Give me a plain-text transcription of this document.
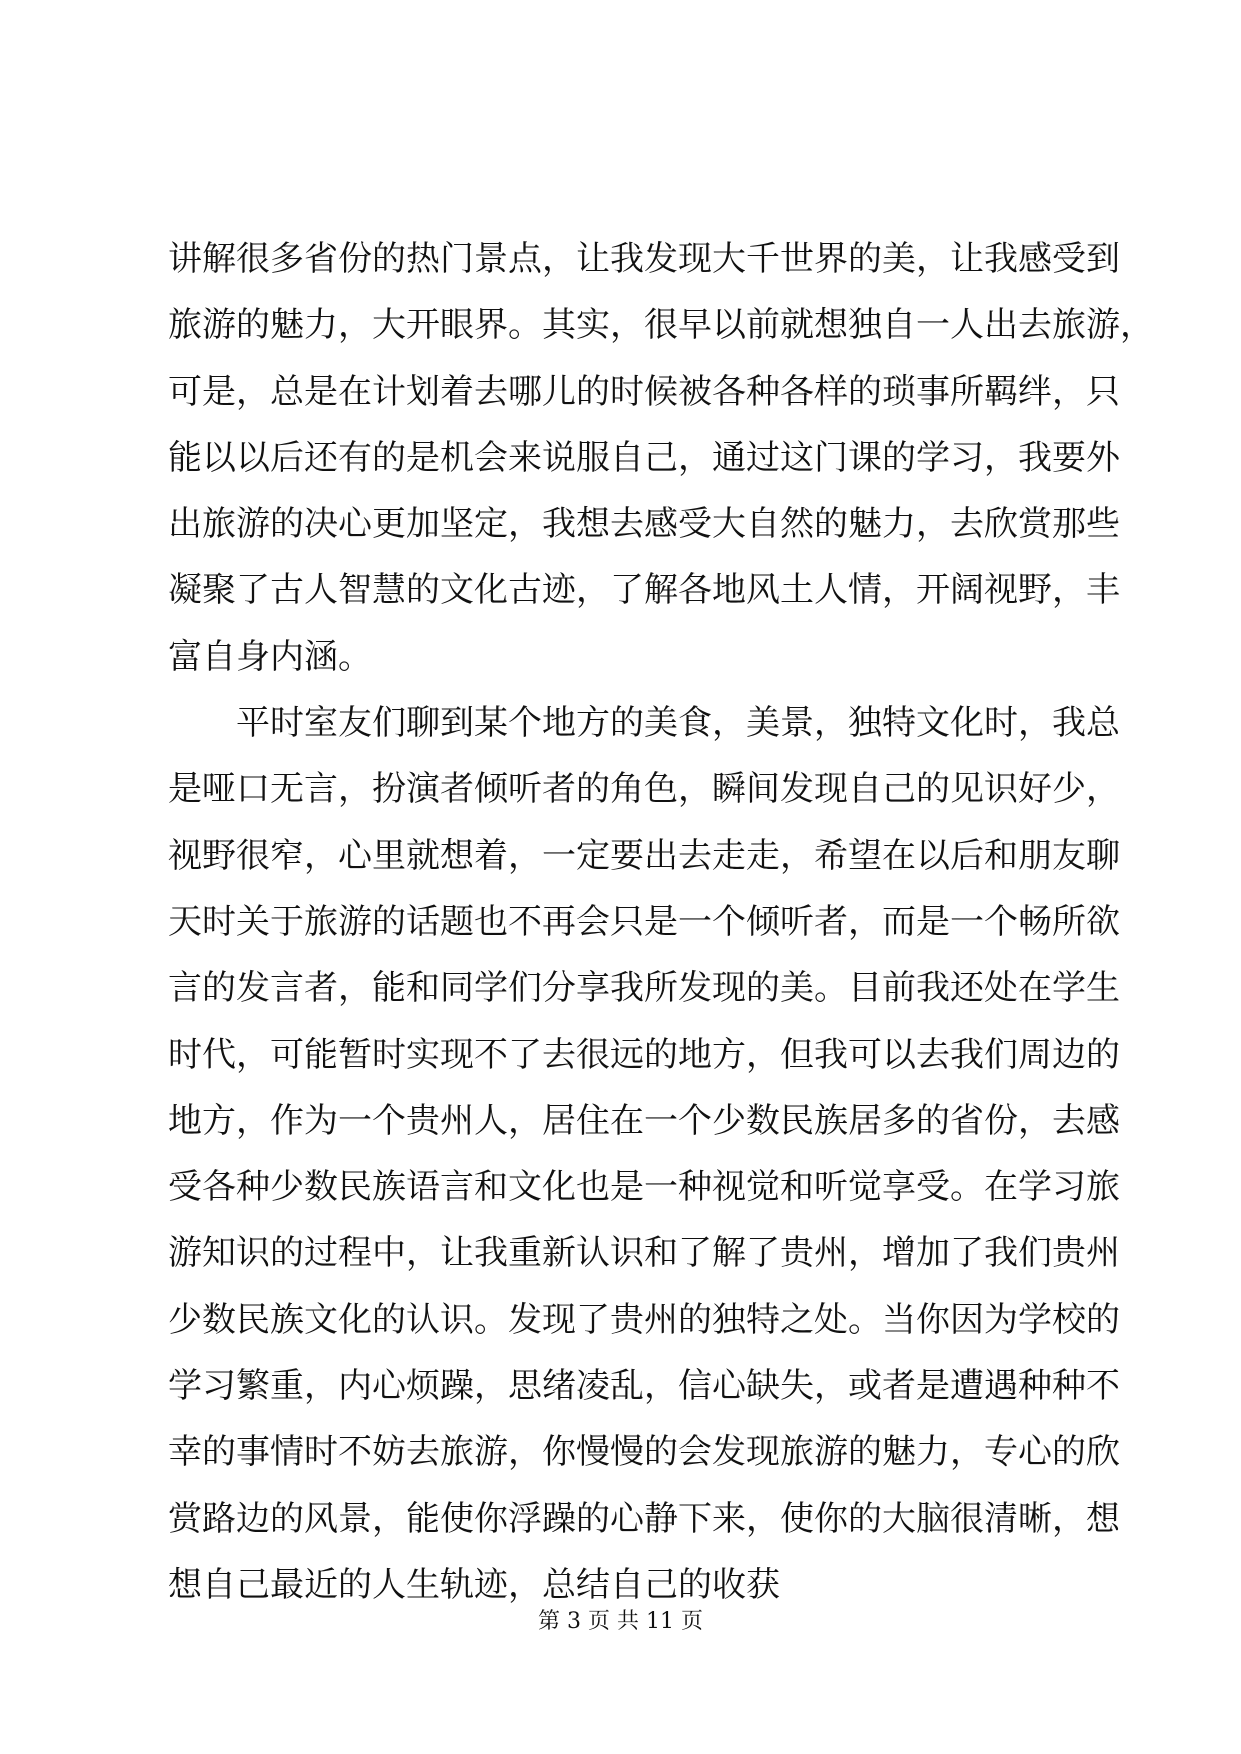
讲解很多省份的热门景点，让我发现大千世界的美，让我感受到
旅游的魅力，大开眼界。其实，很早以前就想独自一人出去旅游，
可是，总是在计划着去哪儿的时候被各种各样的琐事所羁绊，只
能以以后还有的是机会来说服自己，通过这门课的学习，我要外
出旅游的决心更加坚定，我想去感受大自然的魅力，去欣赏那些
凝聚了古人智慧的文化古迹，了解各地风土人情，开阔视野，丰
富自身内涵。
平时室友们聊到某个地方的美食，美景，独特文化时，我总
是哑口无言，扮演者倾听者的角色，瞬间发现自己的见识好少，
视野很窄，心里就想着，一定要出去走走，希望在以后和朋友聊
天时关于旅游的话题也不再会只是一个倾听者，而是一个畅所欲
言的发言者，能和同学们分享我所发现的美。目前我还处在学生
时代，可能暂时实现不了去很远的地方，但我可以去我们周边的
地方，作为一个贵州人，居住在一个少数民族居多的省份，去感
受各种少数民族语言和文化也是一种视觉和听觉享受。在学习旅
游知识的过程中，让我重新认识和了解了贵州，增加了我们贵州
少数民族文化的认识。发现了贵州的独特之处。当你因为学校的
学习繁重，内心烦躁，思绪凌乱，信心缺失，或者是遭遇种种不
幸的事情时不妨去旅游，你慢慢的会发现旅游的魅力，专心的欣
赏路边的风景，能使你浮躁的心静下来，使你的大脑很清晰，想
想自己最近的人生轨迹，总结自己的收获
第 3 页 共 11 页
